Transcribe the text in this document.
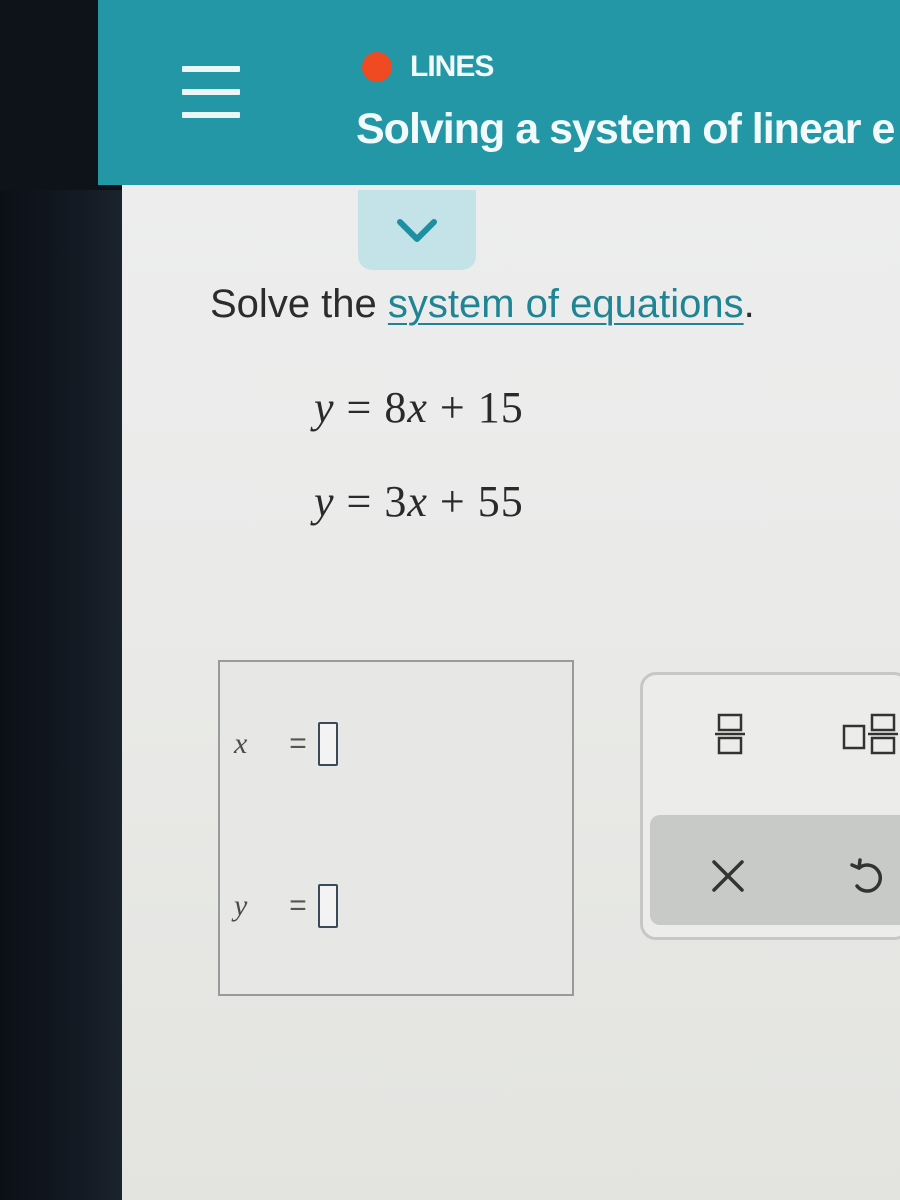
LINES
Solving a system of linear e
Solve the system of equations.
y = 8x + 15
y = 3x + 55
x	=
y	=
